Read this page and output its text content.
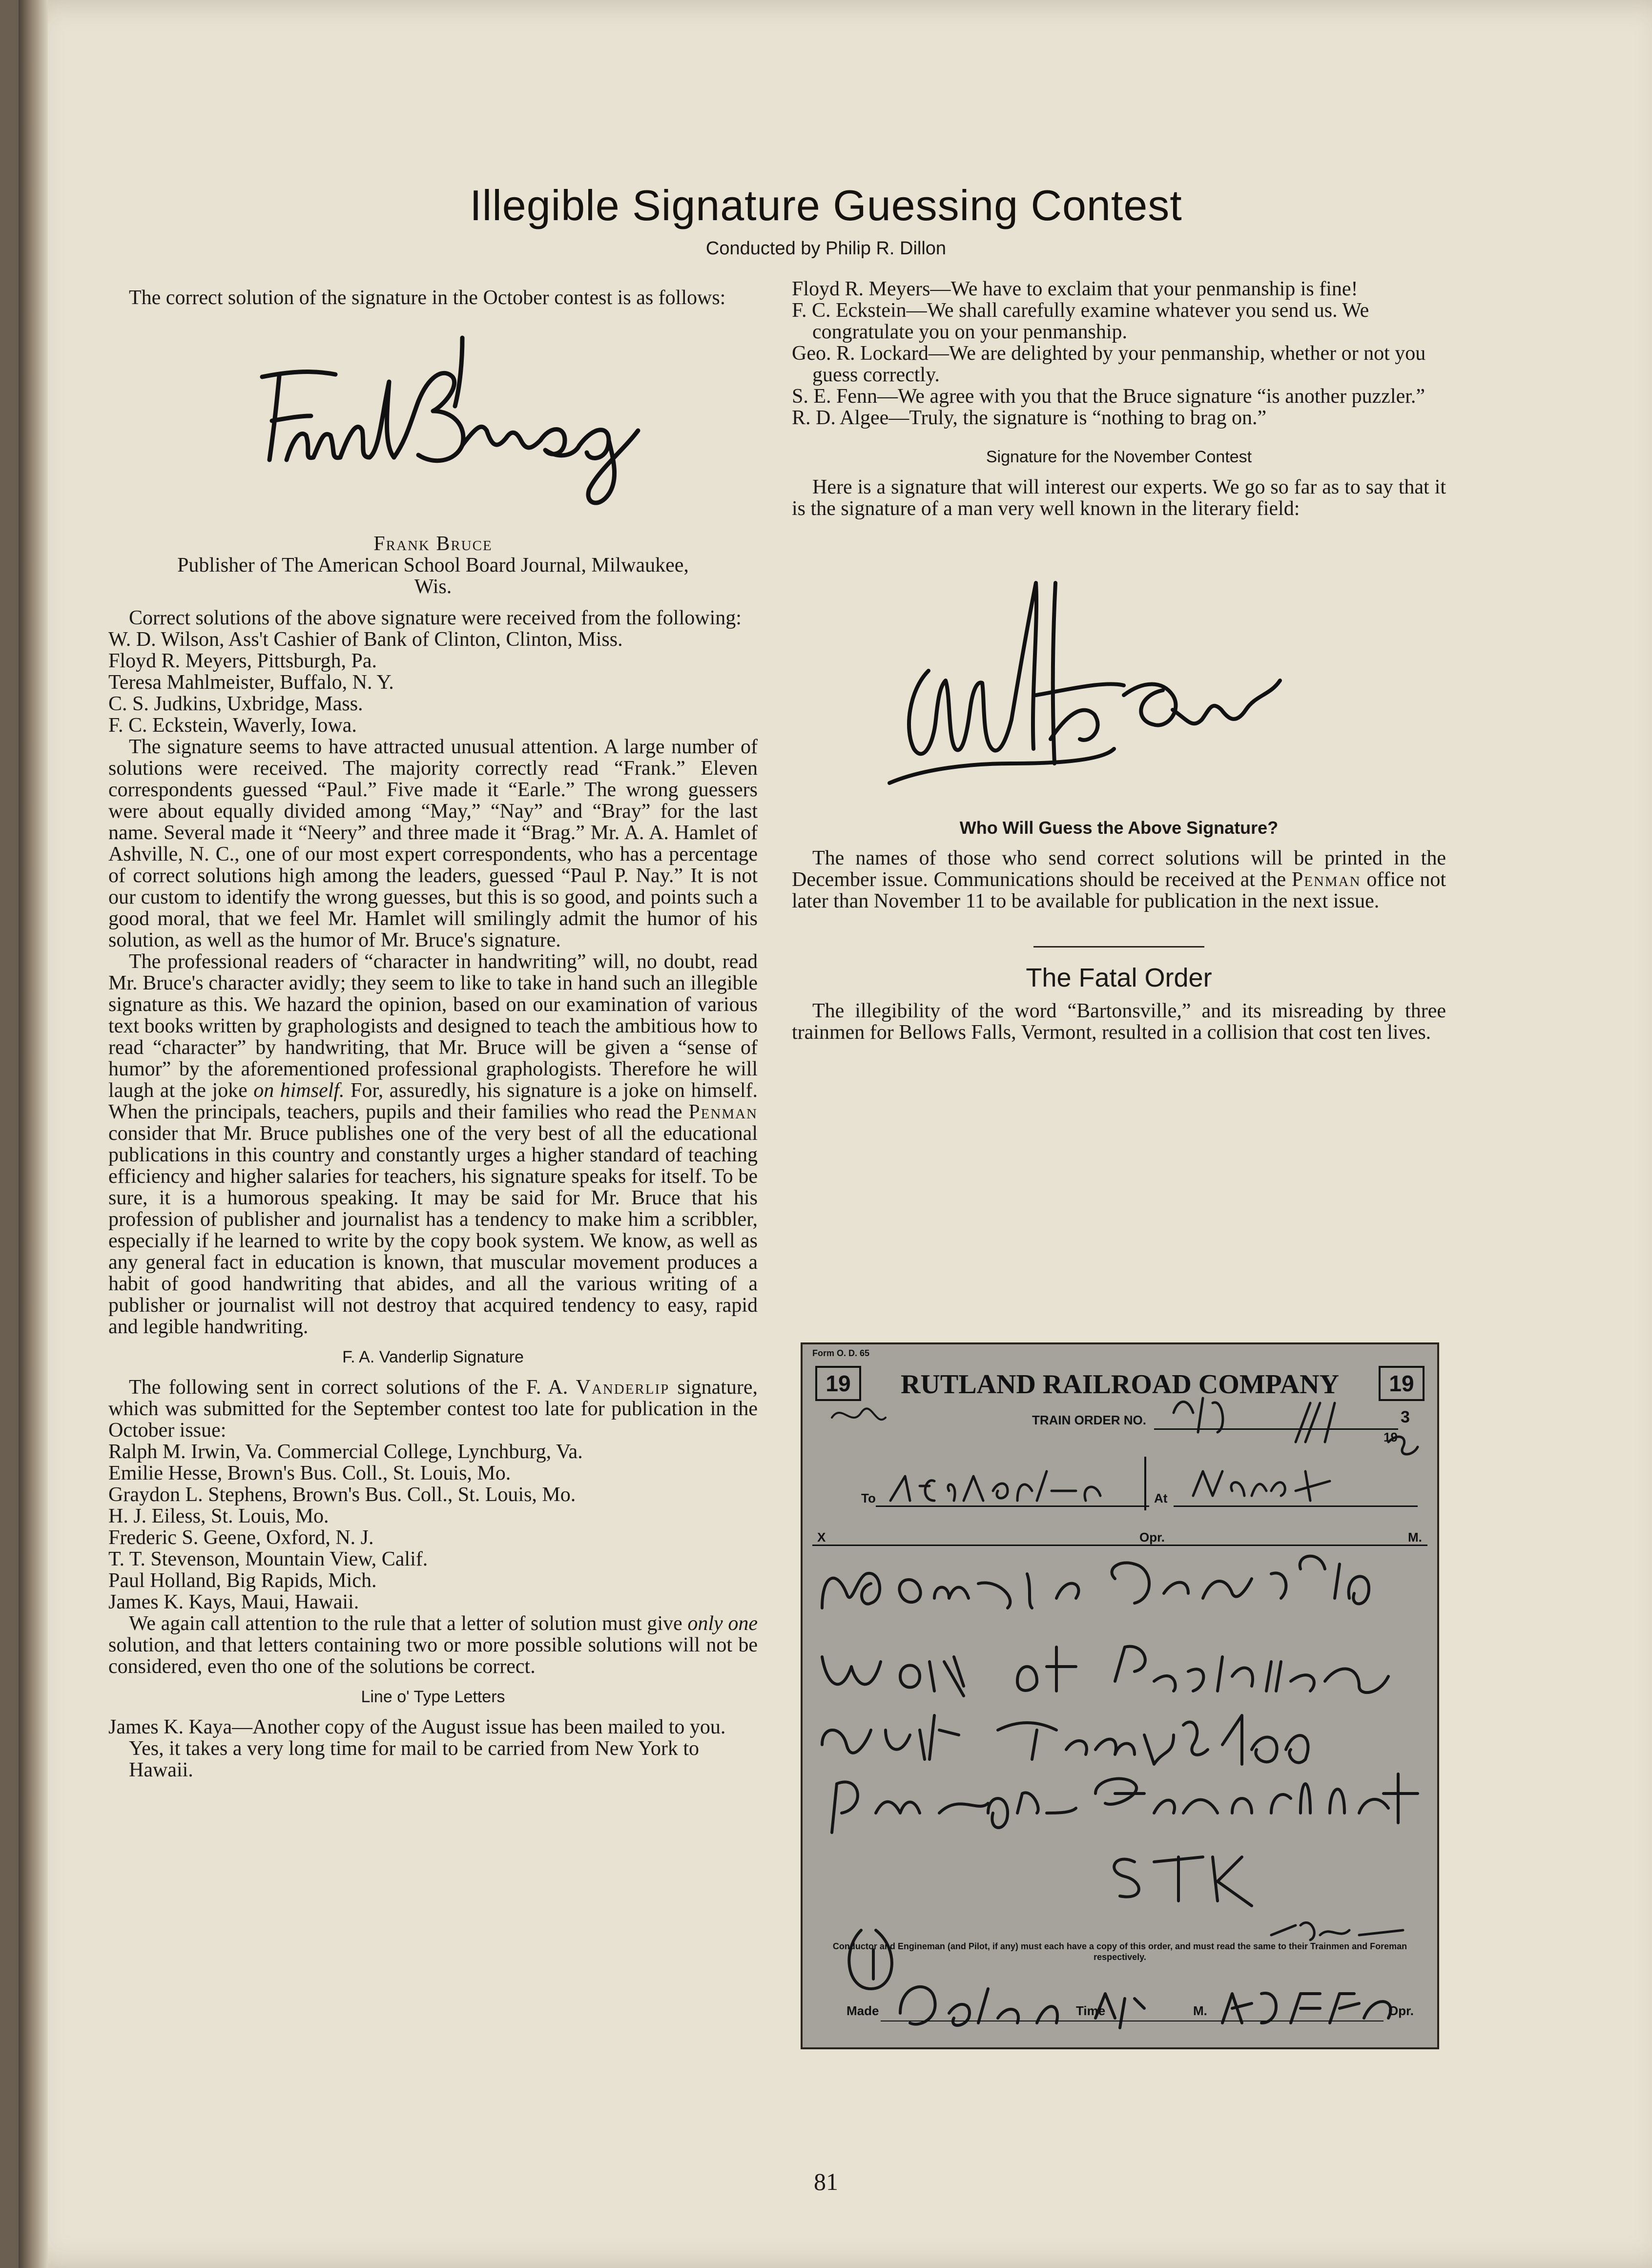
Illegible Signature Guessing Contest
Conducted by Philip R. Dillon

The correct solution of the signature in the October contest is as follows:

Frank Bruce

Publisher of The American School Board Journal, Milwaukee, Wis.

Correct solutions of the above signature were received from the following:

W. D. Wilson, Ass't Cashier of Bank of Clinton, Clinton, Miss.

Floyd R. Meyers, Pittsburgh, Pa.

Teresa Mahlmeister, Buffalo, N. Y.

C. S. Judkins, Uxbridge, Mass.

F. C. Eckstein, Waverly, Iowa.

The signature seems to have attracted unusual attention. A large number of solutions were received. The majority correctly read “Frank.” Eleven correspondents guessed “Paul.” Five made it “Earle.” The wrong guessers were about equally divided among “May,” “Nay” and “Bray” for the last name. Several made it “Neery” and three made it “Brag.” Mr. A. A. Hamlet of Ashville, N. C., one of our most expert correspondents, who has a percentage of correct solutions high among the leaders, guessed “Paul P. Nay.” It is not our custom to identify the wrong guesses, but this is so good, and points such a good moral, that we feel Mr. Hamlet will smilingly admit the humor of his solution, as well as the humor of Mr. Bruce's signature.

The professional readers of “character in handwriting” will, no doubt, read Mr. Bruce's character avidly; they seem to like to take in hand such an illegible signature as this. We hazard the opinion, based on our examination of various text books written by graphologists and designed to teach the ambitious how to read “character” by handwriting, that Mr. Bruce will be given a “sense of humor” by the aforementioned professional graphologists. Therefore he will laugh at the joke on himself. For, assuredly, his signature is a joke on himself. When the principals, teachers, pupils and their families who read the Penman consider that Mr. Bruce publishes one of the very best of all the educational publications in this country and constantly urges a higher standard of teaching efficiency and higher salaries for teachers, his signature speaks for itself. To be sure, it is a humorous speaking. It may be said for Mr. Bruce that his profession of publisher and journalist has a tendency to make him a scribbler, especially if he learned to write by the copy book system. We know, as well as any general fact in education is known, that muscular movement produces a habit of good handwriting that abides, and all the various writing of a publisher or journalist will not destroy that acquired tendency to easy, rapid and legible handwriting.

F. A. Vanderlip Signature

The following sent in correct solutions of the F. A. Vanderlip signature, which was submitted for the September contest too late for publication in the October issue:

Ralph M. Irwin, Va. Commercial College, Lynchburg, Va.

Emilie Hesse, Brown's Bus. Coll., St. Louis, Mo.

Graydon L. Stephens, Brown's Bus. Coll., St. Louis, Mo.

H. J. Eiless, St. Louis, Mo.

Frederic S. Geene, Oxford, N. J.

T. T. Stevenson, Mountain View, Calif.

Paul Holland, Big Rapids, Mich.

James K. Kays, Maui, Hawaii.

We again call attention to the rule that a letter of solution must give only one solution, and that letters containing two or more possible solutions will not be considered, even tho one of the solutions be correct.

Line o' Type Letters

James K. Kaya—Another copy of the August issue has been mailed to you. Yes, it takes a very long time for mail to be carried from New York to Hawaii.

Floyd R. Meyers—We have to exclaim that your penmanship is fine!

F. C. Eckstein—We shall carefully examine whatever you send us. We congratulate you on your penmanship.

Geo. R. Lockard—We are delighted by your penmanship, whether or not you guess correctly.

S. E. Fenn—We agree with you that the Bruce signature “is another puzzler.”

R. D. Algee—Truly, the signature is “nothing to brag on.”

Signature for the November Contest

Here is a signature that will interest our experts. We go so far as to say that it is the signature of a man very well known in the literary field:

Who Will Guess the Above Signature?

The names of those who send correct solutions will be printed in the December issue. Communications should be received at the Penman office not later than November 11 to be available for publication in the next issue.

The Fatal Order

The illegibility of the word “Bartonsville,” and its misreading by three trainmen for Bellows Falls, Vermont, resulted in a collision that cost ten lives.

Form O. D. 65
19	19
RUTLAND RAILROAD COMPANY
TRAIN ORDER NO.	3
19
To	At
X	Opr.	M.
Conductor and Engineman (and Pilot, if any) must each have a copy of this order, and must read the same to their Trainmen and Foreman respectively.
Made	Time	M.	Opr.
81
